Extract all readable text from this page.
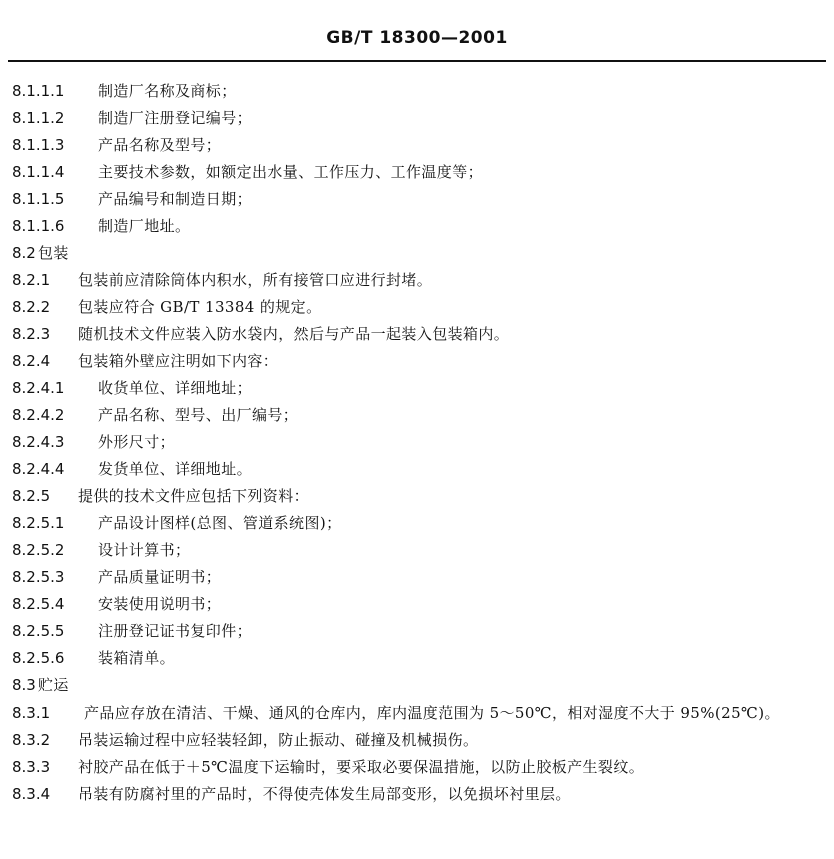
GB/T 18300—2001
8.1.1.1	制造厂名称及商标；
8.1.1.2	制造厂注册登记编号；
8.1.1.3	产品名称及型号；
8.1.1.4	主要技术参数，如额定出水量、工作压力、工作温度等；
8.1.1.5	产品编号和制造日期；
8.1.1.6	制造厂地址。
8.2 包装
8.2.1	包装前应清除筒体内积水，所有接管口应进行封堵。
8.2.2	包装应符合 GB/T 13384 的规定。
8.2.3	随机技术文件应装入防水袋内，然后与产品一起装入包装箱内。
8.2.4	包装箱外壁应注明如下内容：
8.2.4.1	收货单位、详细地址；
8.2.4.2	产品名称、型号、出厂编号；
8.2.4.3	外形尺寸；
8.2.4.4	发货单位、详细地址。
8.2.5	提供的技术文件应包括下列资料：
8.2.5.1	产品设计图样(总图、管道系统图)；
8.2.5.2	设计计算书；
8.2.5.3	产品质量证明书；
8.2.5.4	安装使用说明书；
8.2.5.5	注册登记证书复印件；
8.2.5.6	装箱清单。
8.3 贮运
8.3.1 产品应存放在清洁、干燥、通风的仓库内，库内温度范围为 5～50℃，相对湿度不大于 95%(25℃)。
8.3.2	吊装运输过程中应轻装轻卸，防止振动、碰撞及机械损伤。
8.3.3	衬胶产品在低于＋5℃温度下运输时，要采取必要保温措施，以防止胶板产生裂纹。
8.3.4	吊装有防腐衬里的产品时，不得使壳体发生局部变形，以免损坏衬里层。
